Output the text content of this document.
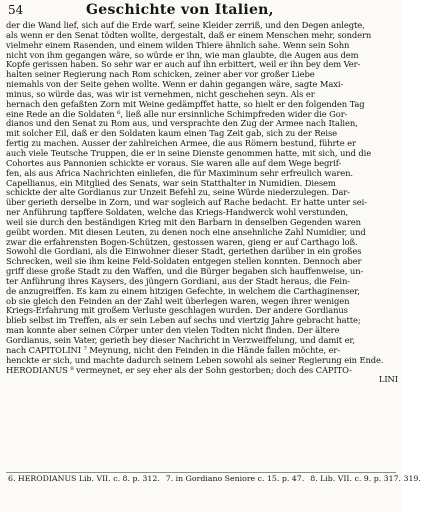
54	Geschichte von Italien,

der die Wand lief, sich auf die Erde warf, seine Kleider zerriß, und den Degen anlegte,

als wenn er den Senat tödten wollte, dergestalt, daß er einem Menschen mehr, sondern

vielmehr einem Rasenden, und einem wilden Thiere ähnlich sahe. Wenn sein Sohn

nicht von ihm gegangen wäre, so würde er ihn, wie man glaubte, die Augen aus dem

Kopfe gerissen haben. So sehr war er auch auf ihn erbittert, weil er ihn bey dem Ver-

halten seiner Regierung nach Rom schicken, zeiner aber vor großer Liebe

niemahls von der Seite gehen wollte. Wenn er dahin gegangen wäre, sagte Maxi-

minus, so würde das, was wir ist vernehmen, nicht geschehen seyn. Als er

hernach den gefaßten Zorn mit Weine gedämpffet hatte, so hielt er den folgenden Tag

eine Rede an die Soldaten ⁶, ließ alle nur ersinnliche Schimpfreden wider die Gor-

dianos und den Senat zu Rom aus, und versprachte den Zug der Armee nach Italien,

mit solcher Eil, daß er den Soldaten kaum einen Tag Zeit gab, sich zu der Reise

fertig zu machen. Ausser der zahlreichen Armee, die aus Römern bestund, führte er

auch viele Teutsche Truppen, die er in seine Dienste genommen hatte, mit sich, und die

Cohortes aus Pannonien schickte er voraus. Sie waren alle auf dem Wege begrif-

fen, als aus Africa Nachrichten einliefen, die für Maximinum sehr erfreulich waren.

Capellianus, ein Mitglied des Senats, war sein Statthalter in Numidien. Diesem

schickte der alte Gordianus zur Unzeit Befehl zu, seine Würde niederzulegen. Dar-

über gerieth derselbe in Zorn, und war sogleich auf Rache bedacht. Er hatte unter sei-

ner Anführung tapffere Soldaten, welche das Kriegs-Handwerck wohl verstunden,

weil sie durch den beständigen Krieg mit den Barbarn in denselben Gegenden waren

geübt worden. Mit diesen Leuten, zu denen noch eine ansehnliche Zahl Numidier, und

zwar die erfahrensten Bogen-Schützen, gestossen waren, gieng er auf Carthago loß.

Sowohl die Gordiani, als die Einwohner dieser Stadt, geriethen darüber in ein großes

Schrecken, weil sie ihm keine Feld-Soldaten entgegen stellen konnten. Dennoch aber

griff diese große Stadt zu den Waffen, und die Bürger begaben sich hauffenweise, un-

ter Anführung ihres Kaysers, des jüngern Gordiani, aus der Stadt heraus, die Fein-

de anzugreiffen. Es kam zu einem hitzigen Gefechte, in welchem die Carthaginenser,

ob sie gleich den Feinden an der Zahl weit überlegen waren, wegen ihrer wenigen

Kriegs-Erfahrung mit großem Verluste geschlagen wurden. Der andere Gordianus

blieb selbst im Treffen, als er sein Leben auf sechs und viertzig Jahre gebracht hatte;

man konnte aber seinen Cörper unter den vielen Todten nicht finden. Der ältere

Gordianus, sein Vater, gerieth bey dieser Nachricht in Verzweiffelung, und damit er,

nach CAPITOLINI ⁷ Meynung, nicht den Feinden in die Hände fallen möchte, er-

henckte er sich, und machte dadurch seinem Leben sowohl als seiner Regierung ein Ende.

HERODIANUS ⁸ vermeynet, er sey eher als der Sohn gestorben; doch des CAPITO-

LINI

6. HERODIANUS Lib. VII. c. 8. p. 312. 7. in Gordiano Seniore c. 15. p. 47. 8. Lib. VII. c. 9. p. 317. 319.
